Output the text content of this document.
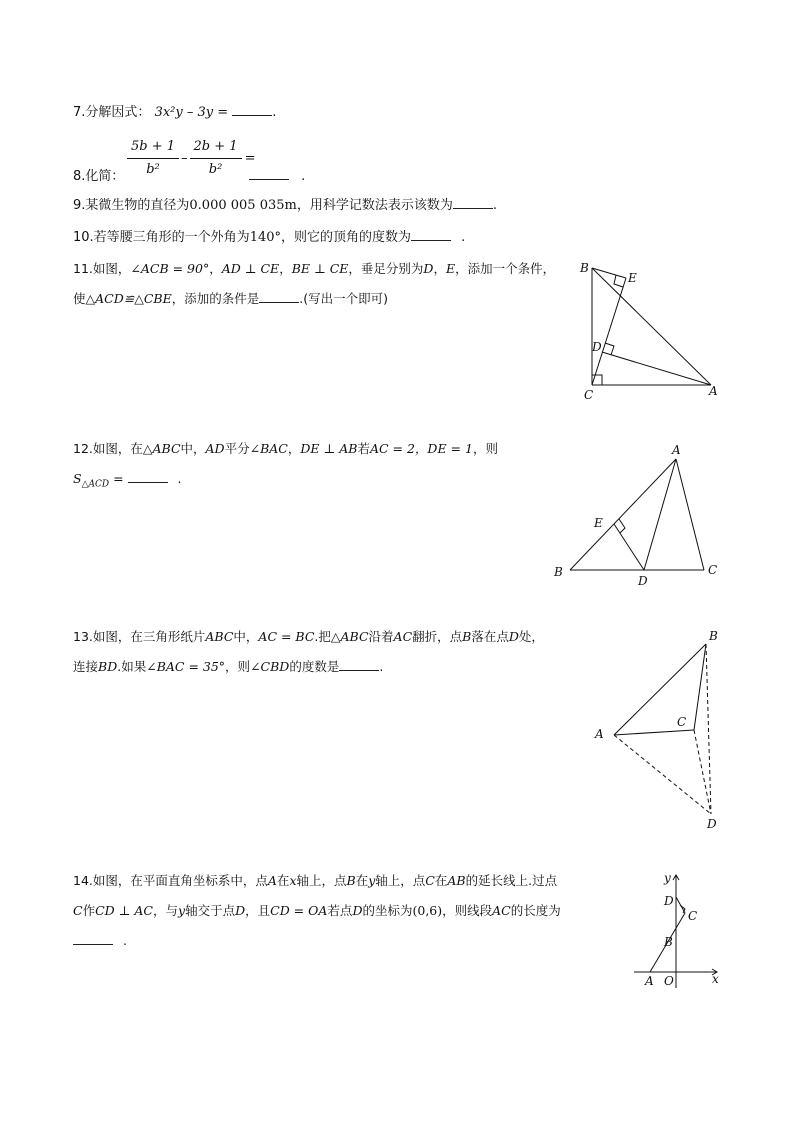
7.分解因式： 3x²y – 3y =	.
8.化简： $\frac{5b + 1}{\text{b²}} - \frac{2b + 1}{\text{b²}}$ =
.
9.某微生物的直径为0.000 005 035m，用科学记数法表示该数为	.
10.若等腰三角形的一个外角为140°，则它的顶角的度数为	.
11.如图，∠ACB = 90°，AD ⊥ CE，BE ⊥ CE，垂足分别为D，E，添加一个条件，
使△ACD≌△CBE，添加的条件是	.(写出一个即可)
B
E
D
C	A
12.如图，在△ABC中，AD平分∠BAC，DE ⊥ AB若AC = 2，DE = 1，则
$S_{\triangle ACD}$ =	.
A
E
B
D
C
13.如图，在三角形纸片ABC中，AC = BC.把△ABC沿着AC翻折，点B落在点D处，
连接BD.如果∠BAC = 35°，则∠CBD的度数是	.
B
C
A
D
14.如图，在平面直角坐标系中，点A在x轴上，点B在y轴上，点C在AB的延长线上.过点
C作CD ⊥ AC，与y轴交于点D，且CD = OA若点D的坐标为(0,6)，则线段AC的长度为
.
y
D
C
B
A O	x
